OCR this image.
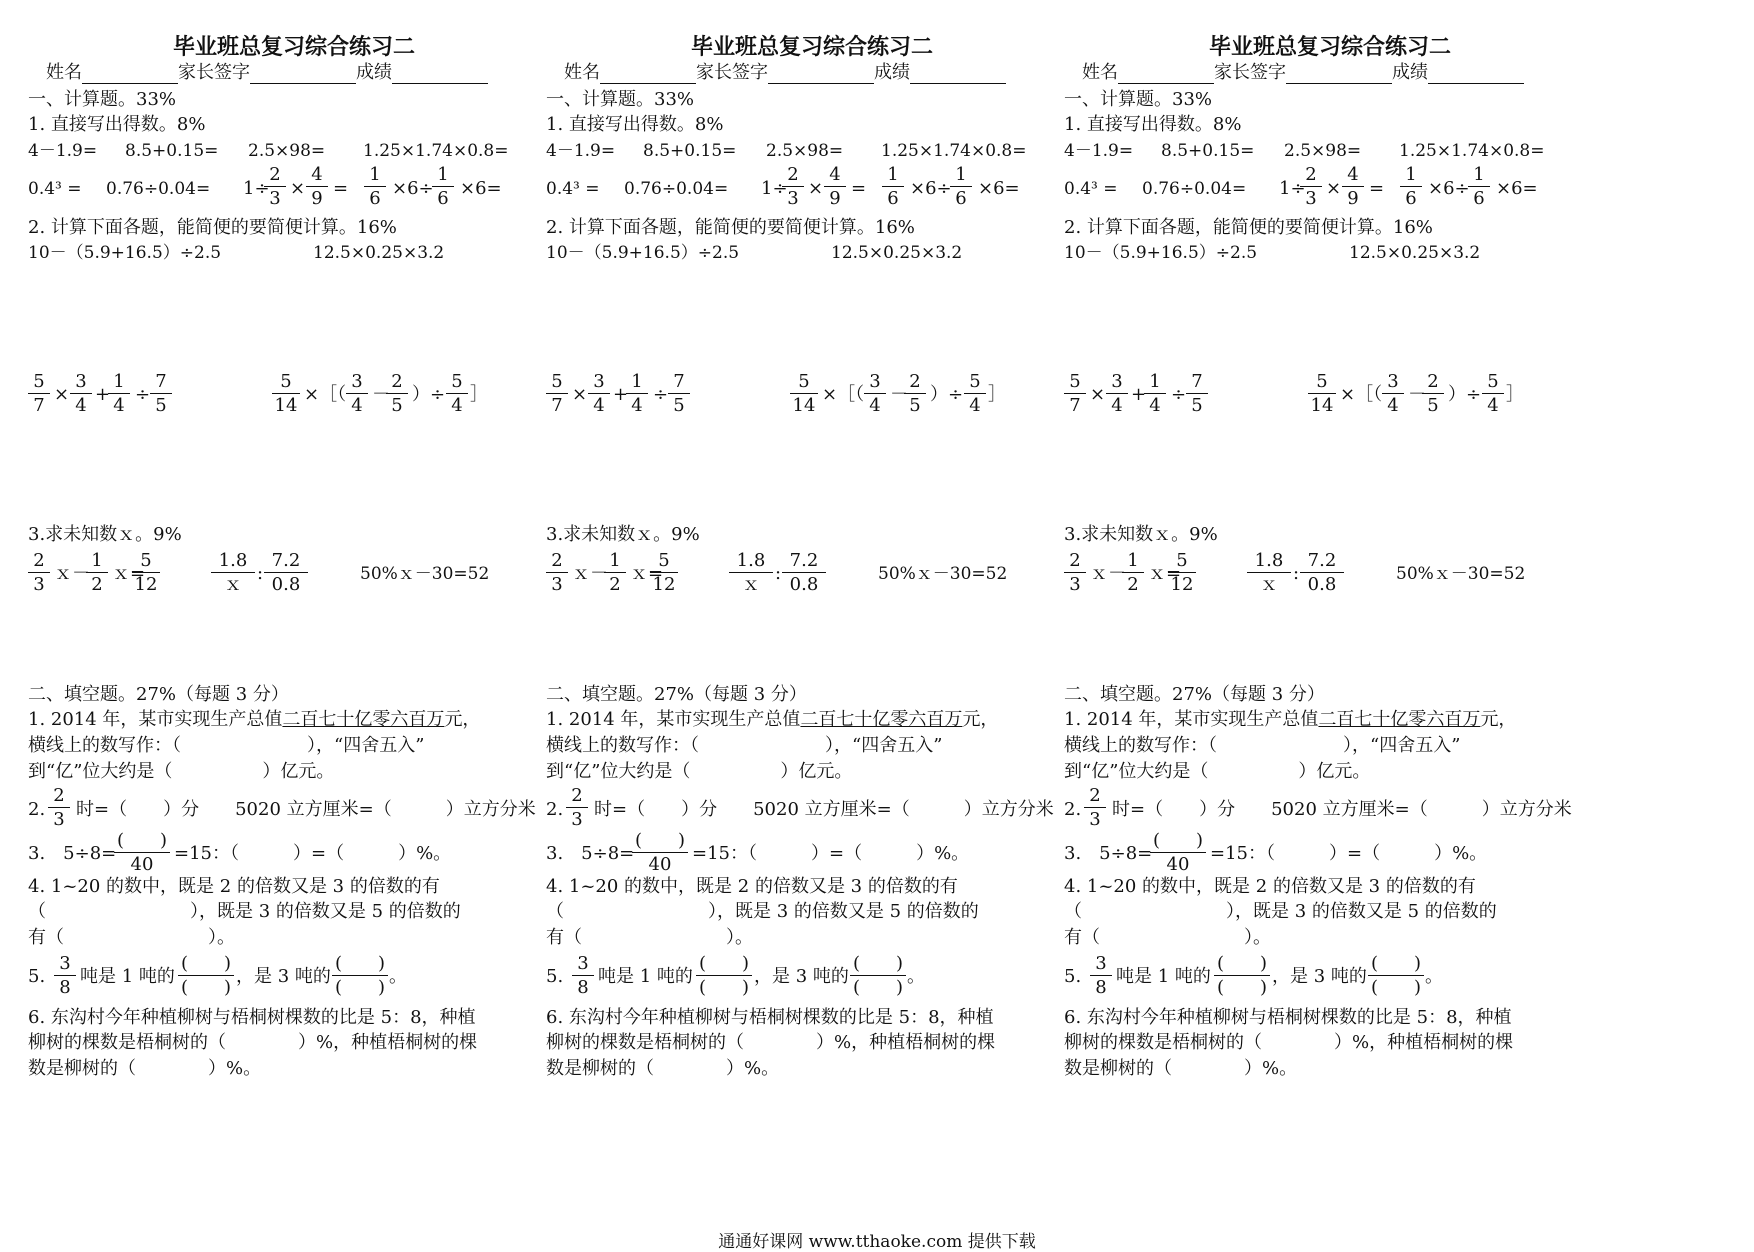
毕业班总复习综合练习二
姓名	家长签字	成绩
一、计算题。33%
1. 直接写出得数。8%
4－1.9= 8.5+0.15= 2.5×98= 1.25×1.74×0.8=
0.4³ = 0.76÷0.04= 1÷
2
3 ×
4
9 =
1
6 ×6÷
1
6 ×6=
2. 计算下面各题，能简便的要简便计算。16%
10－（5.9+16.5）÷2.5	12.5×0.25×3.2
5
7
×
3
4
+
1
4
÷
7
5
5
14
×［（
3
4
－
2
5
）÷
5
4
］
3.求未知数ｘ。9%
2
3
ｘ－
1
2
ｘ=
5
12
1.8
ｘ
:
7.2
0.8	50%ｘ－30=52
二、填空题。27%（每题 3 分）
1. 2014 年，某市实现生产总值二百七十亿零六百万元，
横线上的数写作：（　　　　　　　），“四舍五入”
到“亿”位大约是（　　　　　）亿元。
2.
2
3 时=（　　）分　　5020 立方厘米=（　　　）立方分米
3.　5÷8=
(　　)
40
=15：（　　　）=（　　　）%。
4. 1~20 的数中，既是 2 的倍数又是 3 的倍数的有
（　　　　　　　　），既是 3 的倍数又是 5 的倍数的
有（　　　　　　　　）。
5.
3
8
吨是 1 吨的
(　　)
(　　)
，是 3 吨的
(　　)
(　　)
。
6. 东沟村今年种植柳树与梧桐树棵数的比是 5：8，种植
柳树的棵数是梧桐树的（　　　　）%，种植梧桐树的棵
数是柳树的（　　　　）%。
毕业班总复习综合练习二
姓名	家长签字	成绩
一、计算题。33%
1. 直接写出得数。8%
4－1.9= 8.5+0.15= 2.5×98= 1.25×1.74×0.8=
0.4³ = 0.76÷0.04= 1÷
2
3 ×
4
9 =
1
6 ×6÷
1
6 ×6=
2. 计算下面各题，能简便的要简便计算。16%
10－（5.9+16.5）÷2.5	12.5×0.25×3.2
5
7
×
3
4
+
1
4
÷
7
5
5
14
×［（
3
4
－
2
5
）÷
5
4
］
3.求未知数ｘ。9%
2
3
ｘ－
1
2
ｘ=
5
12
1.8
ｘ
:
7.2
0.8	50%ｘ－30=52
二、填空题。27%（每题 3 分）
1. 2014 年，某市实现生产总值二百七十亿零六百万元，
横线上的数写作：（　　　　　　　），“四舍五入”
到“亿”位大约是（　　　　　）亿元。
2.
2
3 时=（　　）分　　5020 立方厘米=（　　　）立方分米
3.　5÷8=
(　　)
40
=15：（　　　）=（　　　）%。
4. 1~20 的数中，既是 2 的倍数又是 3 的倍数的有
（　　　　　　　　），既是 3 的倍数又是 5 的倍数的
有（　　　　　　　　）。
5.
3
8
吨是 1 吨的
(　　)
(　　)
，是 3 吨的
(　　)
(　　)
。
6. 东沟村今年种植柳树与梧桐树棵数的比是 5：8，种植
柳树的棵数是梧桐树的（　　　　）%，种植梧桐树的棵
数是柳树的（　　　　）%。
毕业班总复习综合练习二
姓名	家长签字	成绩
一、计算题。33%
1. 直接写出得数。8%
4－1.9= 8.5+0.15= 2.5×98= 1.25×1.74×0.8=
0.4³ = 0.76÷0.04= 1÷
2
3 ×
4
9 =
1
6 ×6÷
1
6 ×6=
2. 计算下面各题，能简便的要简便计算。16%
10－（5.9+16.5）÷2.5	12.5×0.25×3.2
5
7
×
3
4
+
1
4
÷
7
5
5
14
×［（
3
4
－
2
5
）÷
5
4
］
3.求未知数ｘ。9%
2
3
ｘ－
1
2
ｘ=
5
12
1.8
ｘ
:
7.2
0.8	50%ｘ－30=52
二、填空题。27%（每题 3 分）
1. 2014 年，某市实现生产总值二百七十亿零六百万元，
横线上的数写作：（　　　　　　　），“四舍五入”
到“亿”位大约是（　　　　　）亿元。
2.
2
3 时=（　　）分　　5020 立方厘米=（　　　）立方分米
3.　5÷8=
(　　)
40
=15：（　　　）=（　　　）%。
4. 1~20 的数中，既是 2 的倍数又是 3 的倍数的有
（　　　　　　　　），既是 3 的倍数又是 5 的倍数的
有（　　　　　　　　）。
5.
3
8
吨是 1 吨的
(　　)
(　　)
，是 3 吨的
(　　)
(　　)
。
6. 东沟村今年种植柳树与梧桐树棵数的比是 5：8，种植
柳树的棵数是梧桐树的（　　　　）%，种植梧桐树的棵
数是柳树的（　　　　）%。
通通好课网 www.tthaoke.com 提供下载
